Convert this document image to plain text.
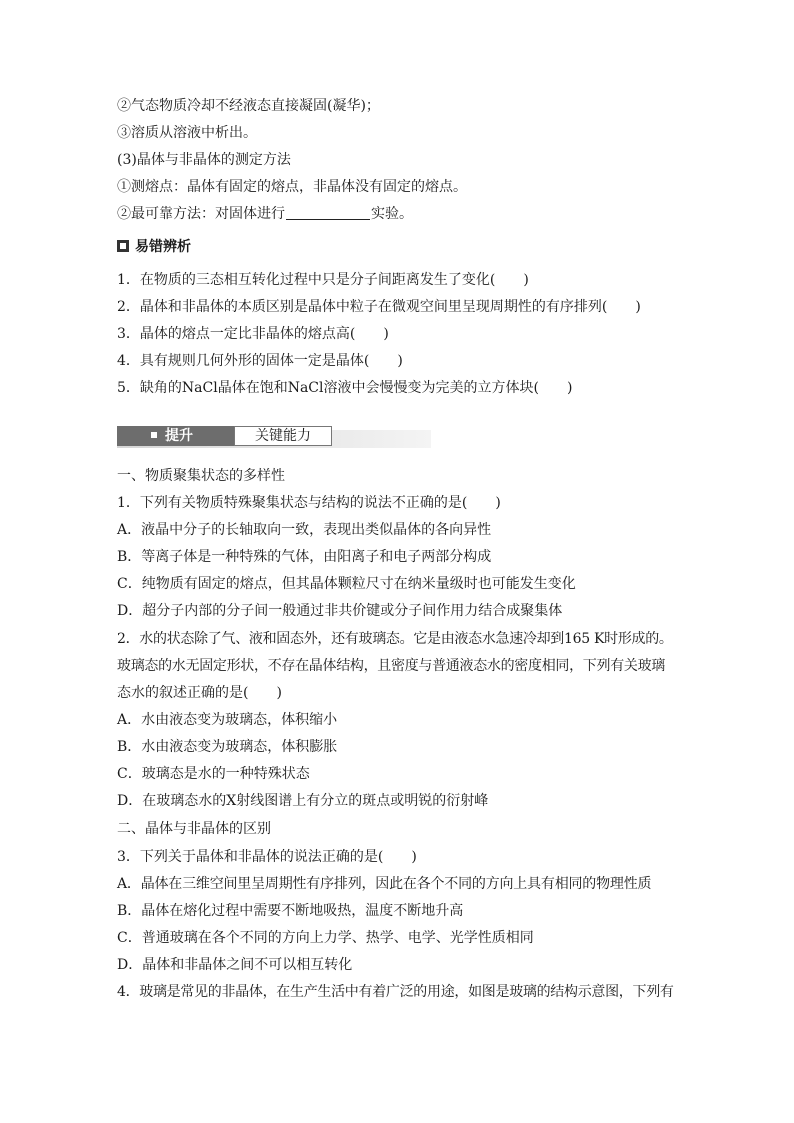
②气态物质冷却不经液态直接凝固(凝华)；
③溶质从溶液中析出。
(3)晶体与非晶体的测定方法
①测熔点：晶体有固定的熔点，非晶体没有固定的熔点。
②最可靠方法：对固体进行	实验。
易错辨析
1．在物质的三态相互转化过程中只是分子间距离发生了变化(　　)
2．晶体和非晶体的本质区别是晶体中粒子在微观空间里呈现周期性的有序排列(　　)
3．晶体的熔点一定比非晶体的熔点高(　　)
4．具有规则几何外形的固体一定是晶体(　　)
5．缺角的NaCl晶体在饱和NaCl溶液中会慢慢变为完美的立方体块(　　)
提升	关键能力
一、物质聚集状态的多样性
1．下列有关物质特殊聚集状态与结构的说法不正确的是(　　)
A．液晶中分子的长轴取向一致，表现出类似晶体的各向异性
B．等离子体是一种特殊的气体，由阳离子和电子两部分构成
C．纯物质有固定的熔点，但其晶体颗粒尺寸在纳米量级时也可能发生变化
D．超分子内部的分子间一般通过非共价键或分子间作用力结合成聚集体
2．水的状态除了气、液和固态外，还有玻璃态。它是由液态水急速冷却到165 K时形成的。
玻璃态的水无固定形状，不存在晶体结构，且密度与普通液态水的密度相同，下列有关玻璃
态水的叙述正确的是(　　)
A．水由液态变为玻璃态，体积缩小
B．水由液态变为玻璃态，体积膨胀
C．玻璃态是水的一种特殊状态
D．在玻璃态水的X射线图谱上有分立的斑点或明锐的衍射峰
二、晶体与非晶体的区别
3．下列关于晶体和非晶体的说法正确的是(　　)
A．晶体在三维空间里呈周期性有序排列，因此在各个不同的方向上具有相同的物理性质
B．晶体在熔化过程中需要不断地吸热，温度不断地升高
C．普通玻璃在各个不同的方向上力学、热学、电学、光学性质相同
D．晶体和非晶体之间不可以相互转化
4．玻璃是常见的非晶体，在生产生活中有着广泛的用途，如图是玻璃的结构示意图，下列有
